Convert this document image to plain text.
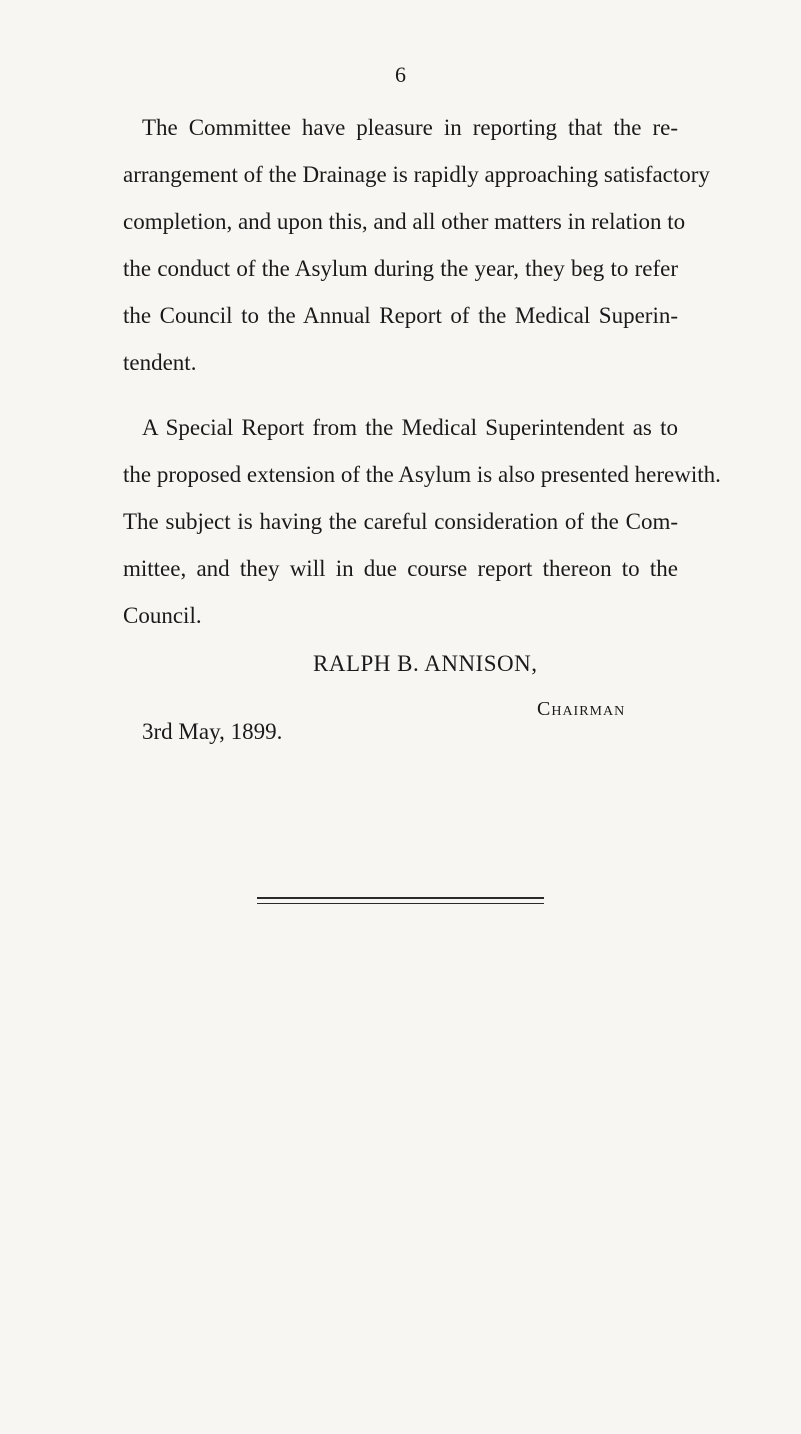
6
The Committee have pleasure in reporting that the re-
arrangement of the Drainage is rapidly approaching satisfactory
completion, and upon this, and all other matters in relation to
the conduct of the Asylum during the year, they beg to refer
the Council to the Annual Report of the Medical Superin-
tendent.
A Special Report from the Medical Superintendent as to
the proposed extension of the Asylum is also presented herewith.
The subject is having the careful consideration of the Com-
mittee, and they will in due course report thereon to the
Council.
RALPH B. ANNISON,
Chairman
3rd May, 1899.
